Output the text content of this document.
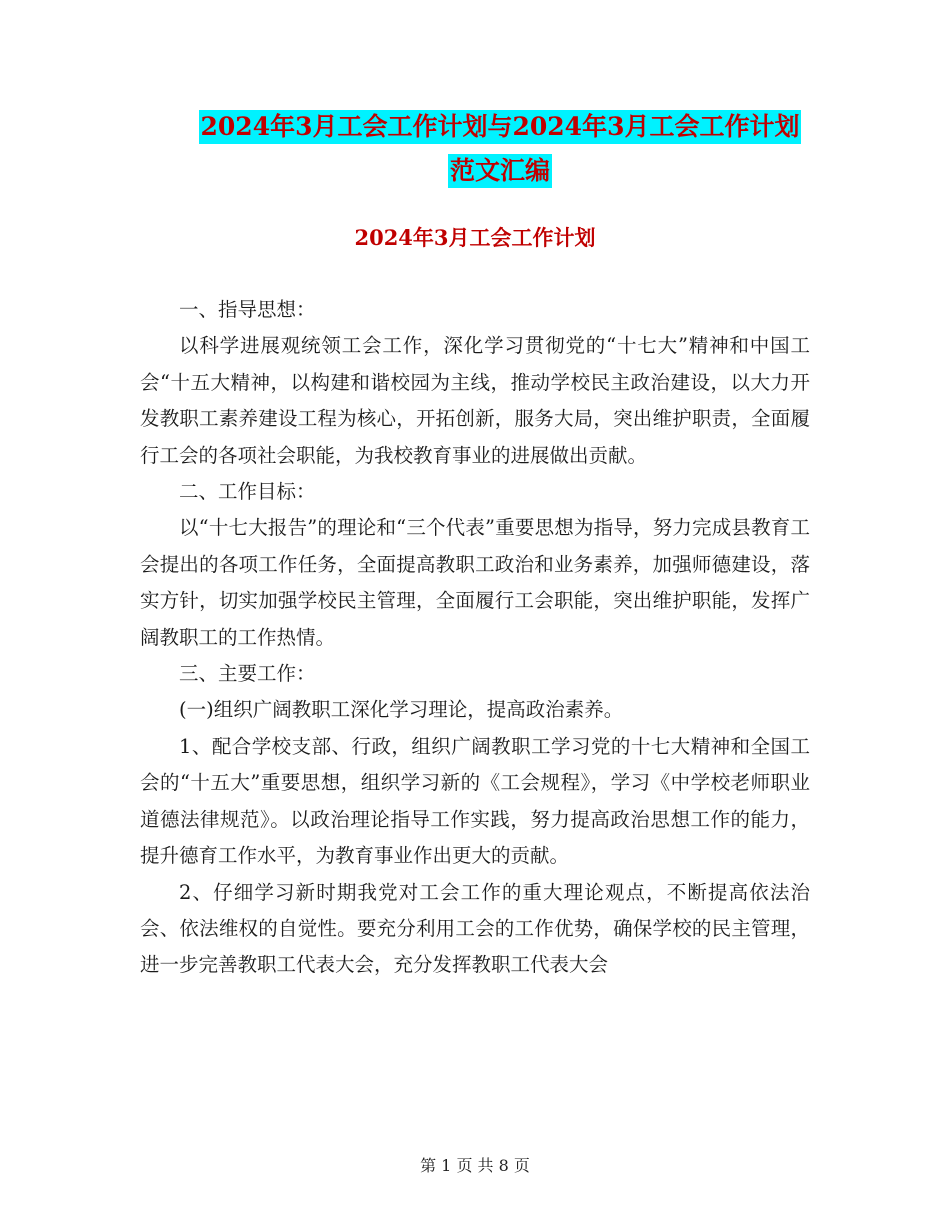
2024年3月工会工作计划与2024年3月工会工作计划
范文汇编
2024年3月工会工作计划

一、指导思想：

以科学进展观统领工会工作，深化学习贯彻党的“十七大”精神和中国工会“十五大精神，以构建和谐校园为主线，推动学校民主政治建设，以大力开发教职工素养建设工程为核心，开拓创新，服务大局，突出维护职责，全面履行工会的各项社会职能，为我校教育事业的进展做出贡献。

二、工作目标：

以“十七大报告”的理论和“三个代表”重要思想为指导，努力完成县教育工会提出的各项工作任务，全面提高教职工政治和业务素养，加强师德建设，落实方针，切实加强学校民主管理，全面履行工会职能，突出维护职能，发挥广阔教职工的工作热情。

三、主要工作：

(一)组织广阔教职工深化学习理论，提高政治素养。

1、配合学校支部、行政，组织广阔教职工学习党的十七大精神和全国工会的“十五大”重要思想，组织学习新的《工会规程》，学习《中学校老师职业道德法律规范》。以政治理论指导工作实践，努力提高政治思想工作的能力，提升德育工作水平，为教育事业作出更大的贡献。

2、仔细学习新时期我党对工会工作的重大理论观点，不断提高依法治会、依法维权的自觉性。要充分利用工会的工作优势，确保学校的民主管理，进一步完善教职工代表大会，充分发挥教职工代表大会

第 1 页 共 8 页
